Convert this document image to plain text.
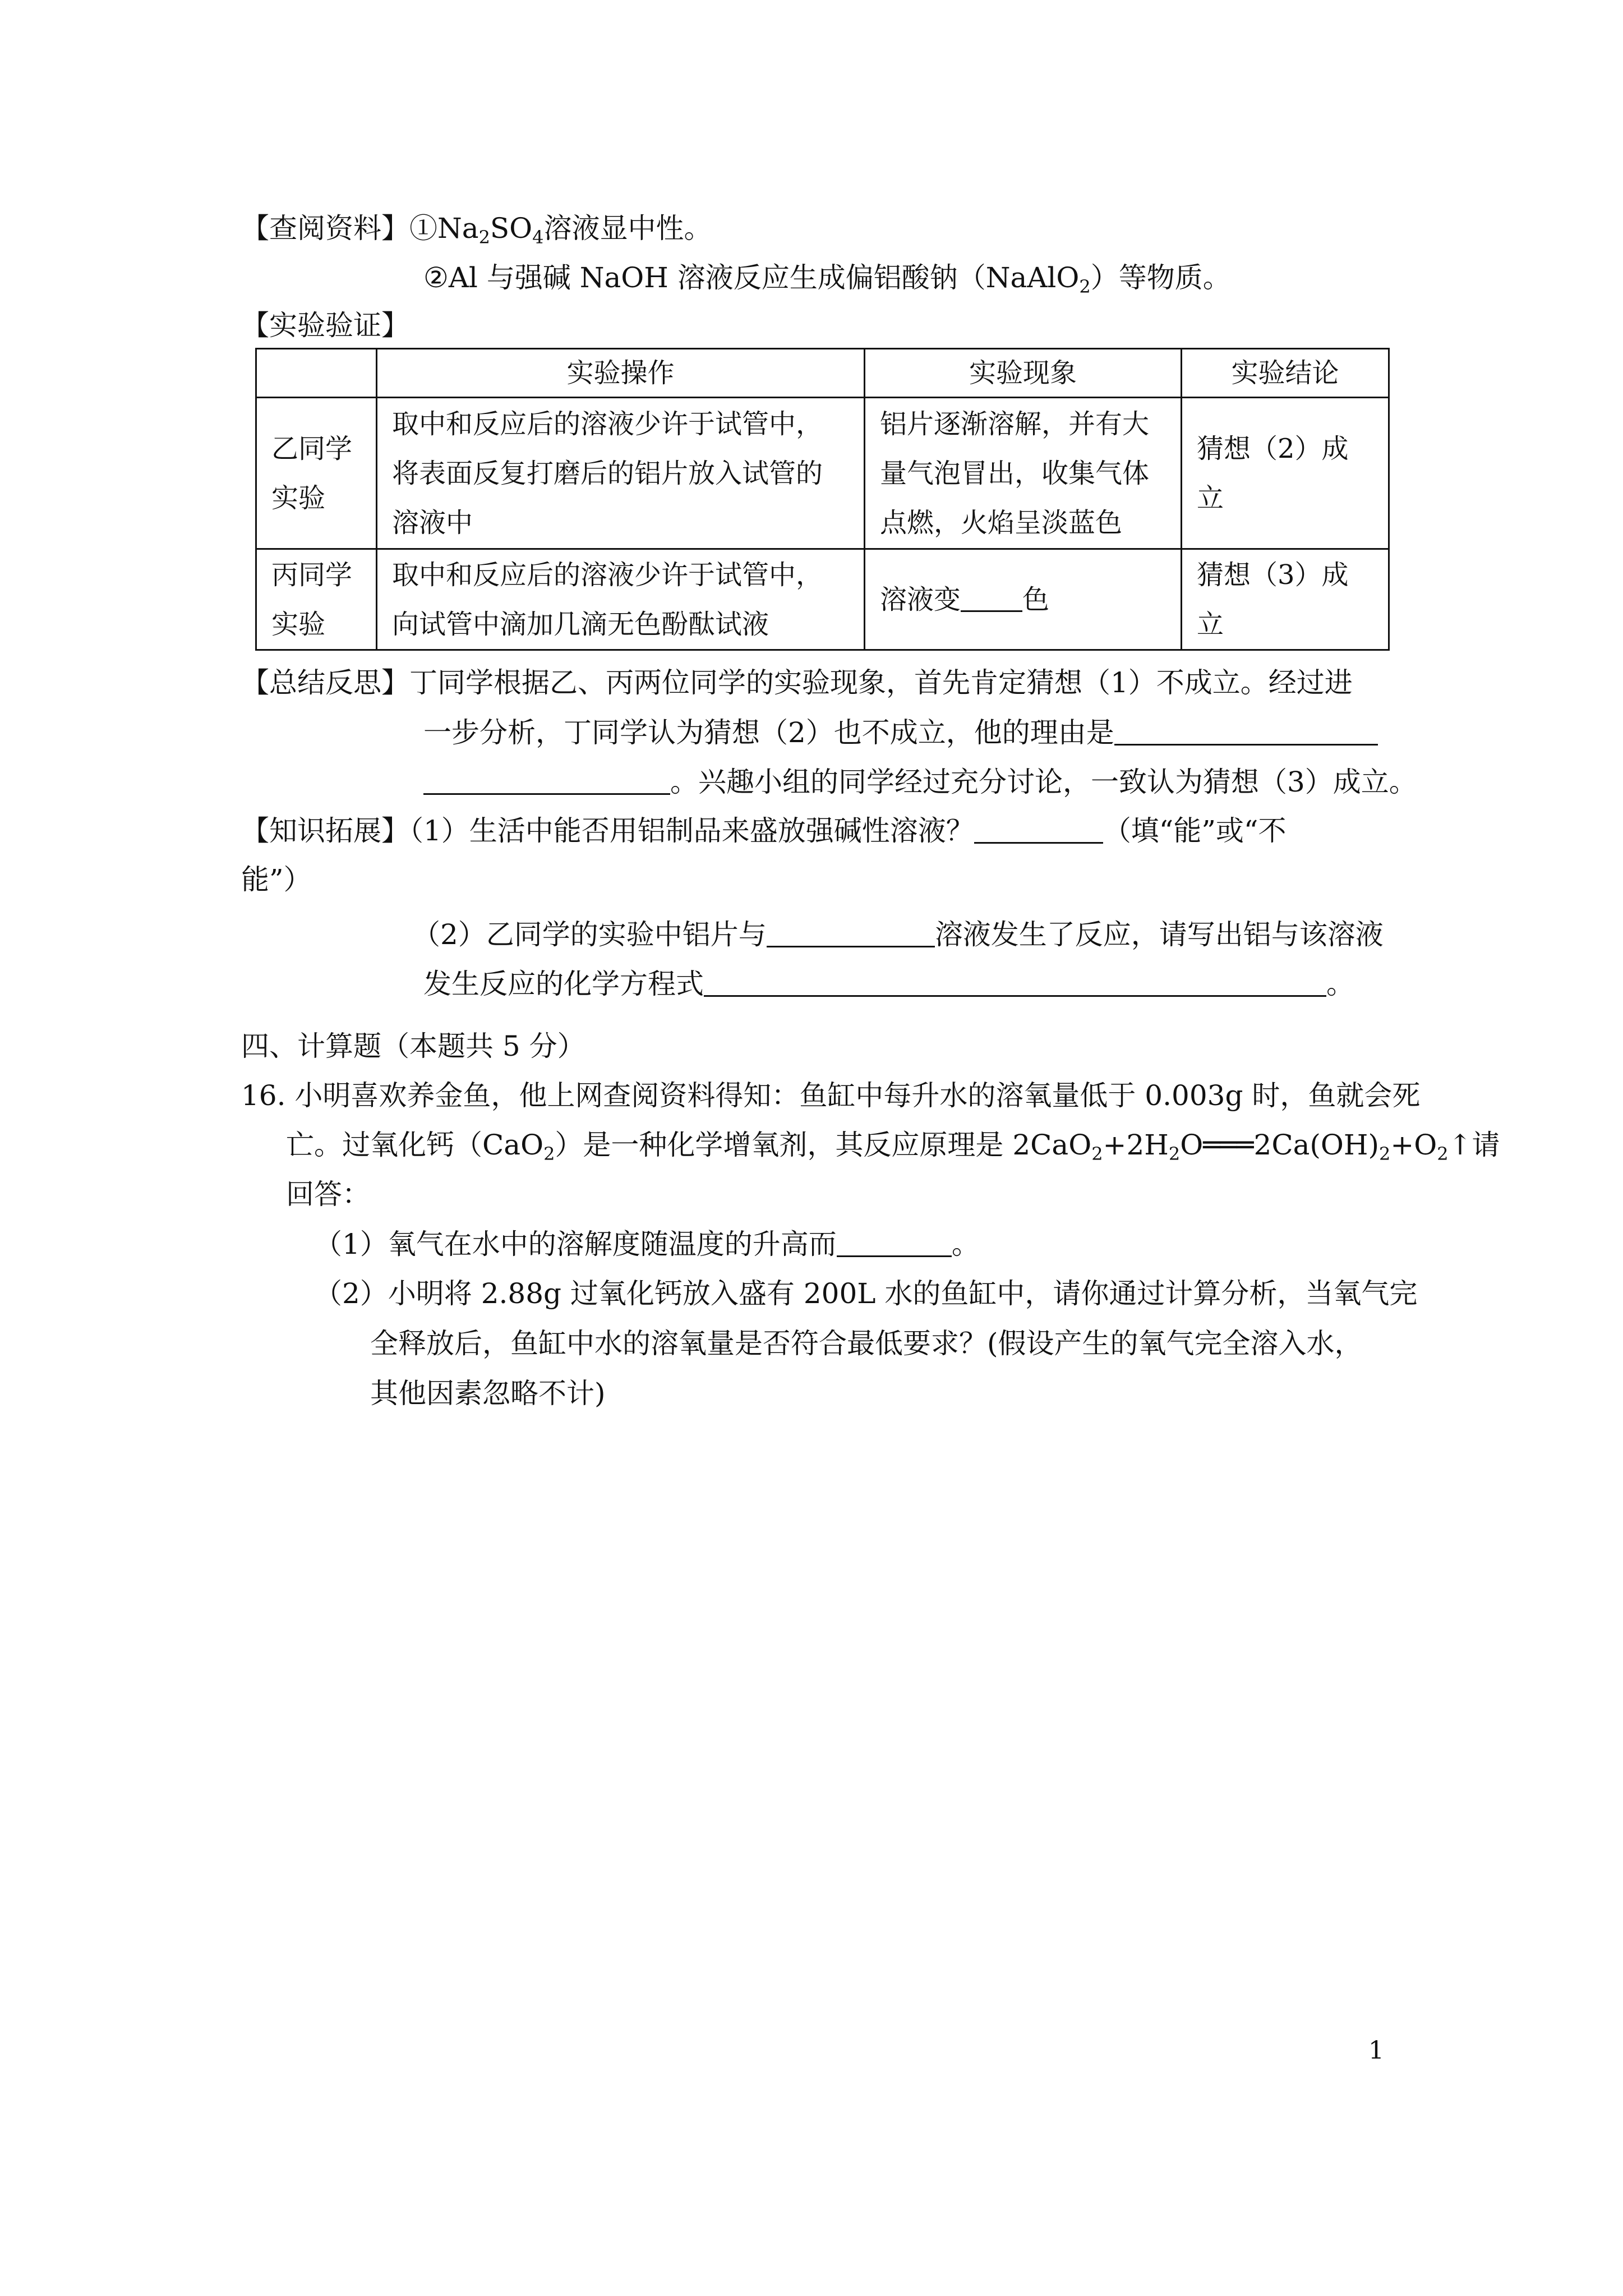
【查阅资料】$①Na_2SO_4$溶液显中性。
②Al 与强碱 NaOH 溶液反应生成偏铝酸钠（NaAlO$_2$）等物质。
【实验验证】
	实验操作	实验现象	实验结论
乙同学实验	取中和反应后的溶液少许于试管中，将表面反复打磨后的铝片放入试管的溶液中	铝片逐渐溶解，并有大量气泡冒出，收集气体点燃，火焰呈淡蓝色	猜想（2）成立
丙同学实验	取中和反应后的溶液少许于试管中，向试管中滴加几滴无色酚酞试液	溶液变 色	猜想（3）成立
【总结反思】丁同学根据乙、丙两位同学的实验现象，首先肯定猜想（1）不成立。经过进
一步分析，丁同学认为猜想（2）也不成立，他的理由是
。兴趣小组的同学经过充分讨论，一致认为猜想（3）成立。
【知识拓展】（1）生活中能否用铝制品来盛放强碱性溶液？	（填“能”或“不
能”）
（2）乙同学的实验中铝片与	溶液发生了反应，请写出铝与该溶液
发生反应的化学方程式	。
四、计算题（本题共 5 分）
16. 小明喜欢养金鱼，他上网查阅资料得知：鱼缸中每升水的溶氧量低于 0.003g 时，鱼就会死
亡。过氧化钙（CaO$_2$）是一种化学增氧剂，其反应原理是 $2CaO_2+2H_2O═══2Ca(OH)_2+O_2↑$请
回答：
（1）氧气在水中的溶解度随温度的升高而	。
（2）小明将 2.88g 过氧化钙放入盛有 200L 水的鱼缸中，请你通过计算分析，当氧气完
全释放后，鱼缸中水的溶氧量是否符合最低要求？(假设产生的氧气完全溶入水，
其他因素忽略不计)
1
